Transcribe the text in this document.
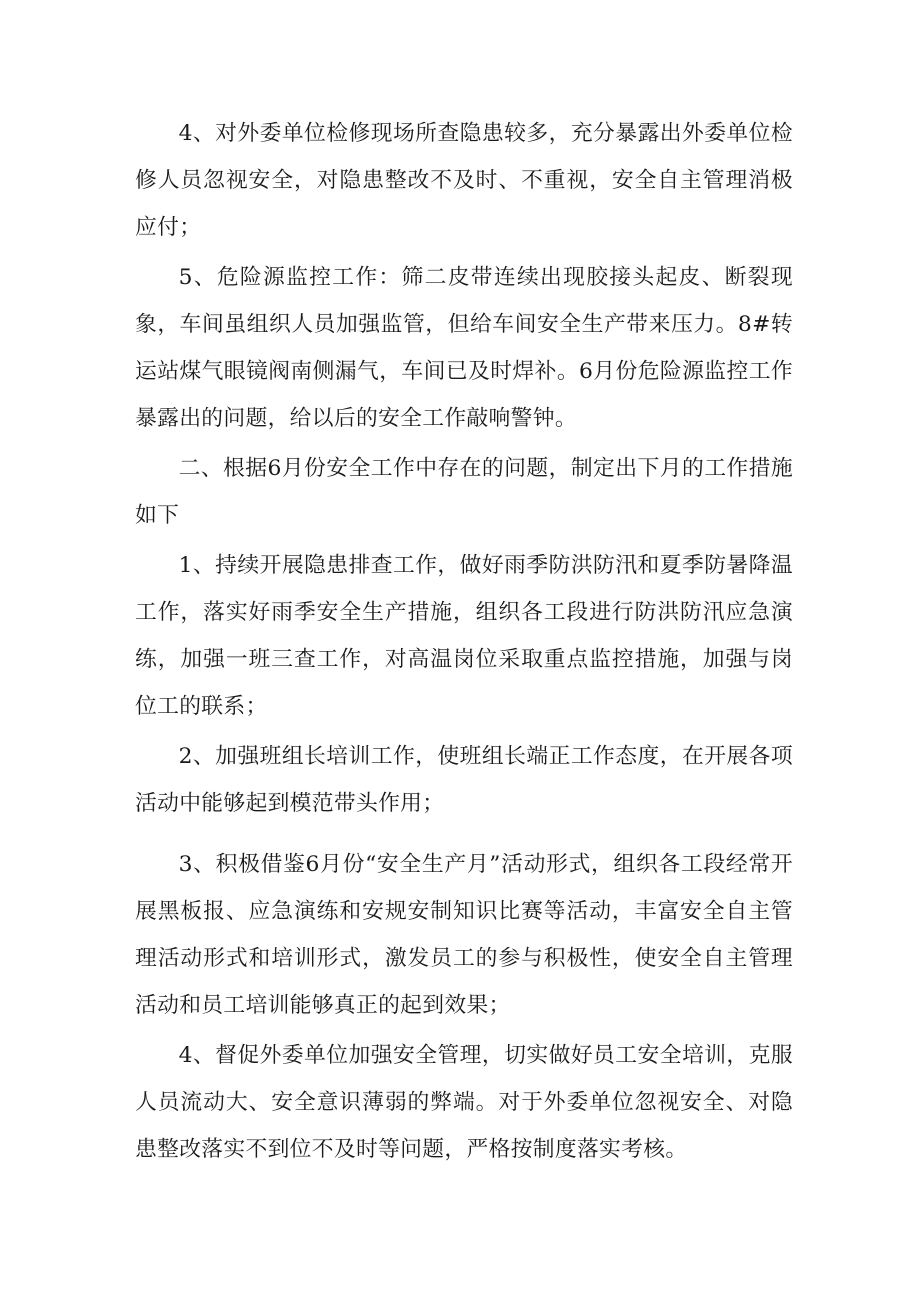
4、对外委单位检修现场所查隐患较多，充分暴露出外委单位检修人员忽视安全，对隐患整改不及时、不重视，安全自主管理消极应付；

5、危险源监控工作：筛二皮带连续出现胶接头起皮、断裂现象，车间虽组织人员加强监管，但给车间安全生产带来压力。8#转运站煤气眼镜阀南侧漏气，车间已及时焊补。6月份危险源监控工作暴露出的问题，给以后的安全工作敲响警钟。

二、根据6月份安全工作中存在的问题，制定出下月的工作措施如下

1、持续开展隐患排查工作，做好雨季防洪防汛和夏季防暑降温工作，落实好雨季安全生产措施，组织各工段进行防洪防汛应急演练，加强一班三查工作，对高温岗位采取重点监控措施，加强与岗位工的联系；

2、加强班组长培训工作，使班组长端正工作态度，在开展各项活动中能够起到模范带头作用；

3、积极借鉴6月份“安全生产月”活动形式，组织各工段经常开展黑板报、应急演练和安规安制知识比赛等活动，丰富安全自主管理活动形式和培训形式，激发员工的参与积极性，使安全自主管理活动和员工培训能够真正的起到效果；

4、督促外委单位加强安全管理，切实做好员工安全培训，克服人员流动大、安全意识薄弱的弊端。对于外委单位忽视安全、对隐患整改落实不到位不及时等问题，严格按制度落实考核。
